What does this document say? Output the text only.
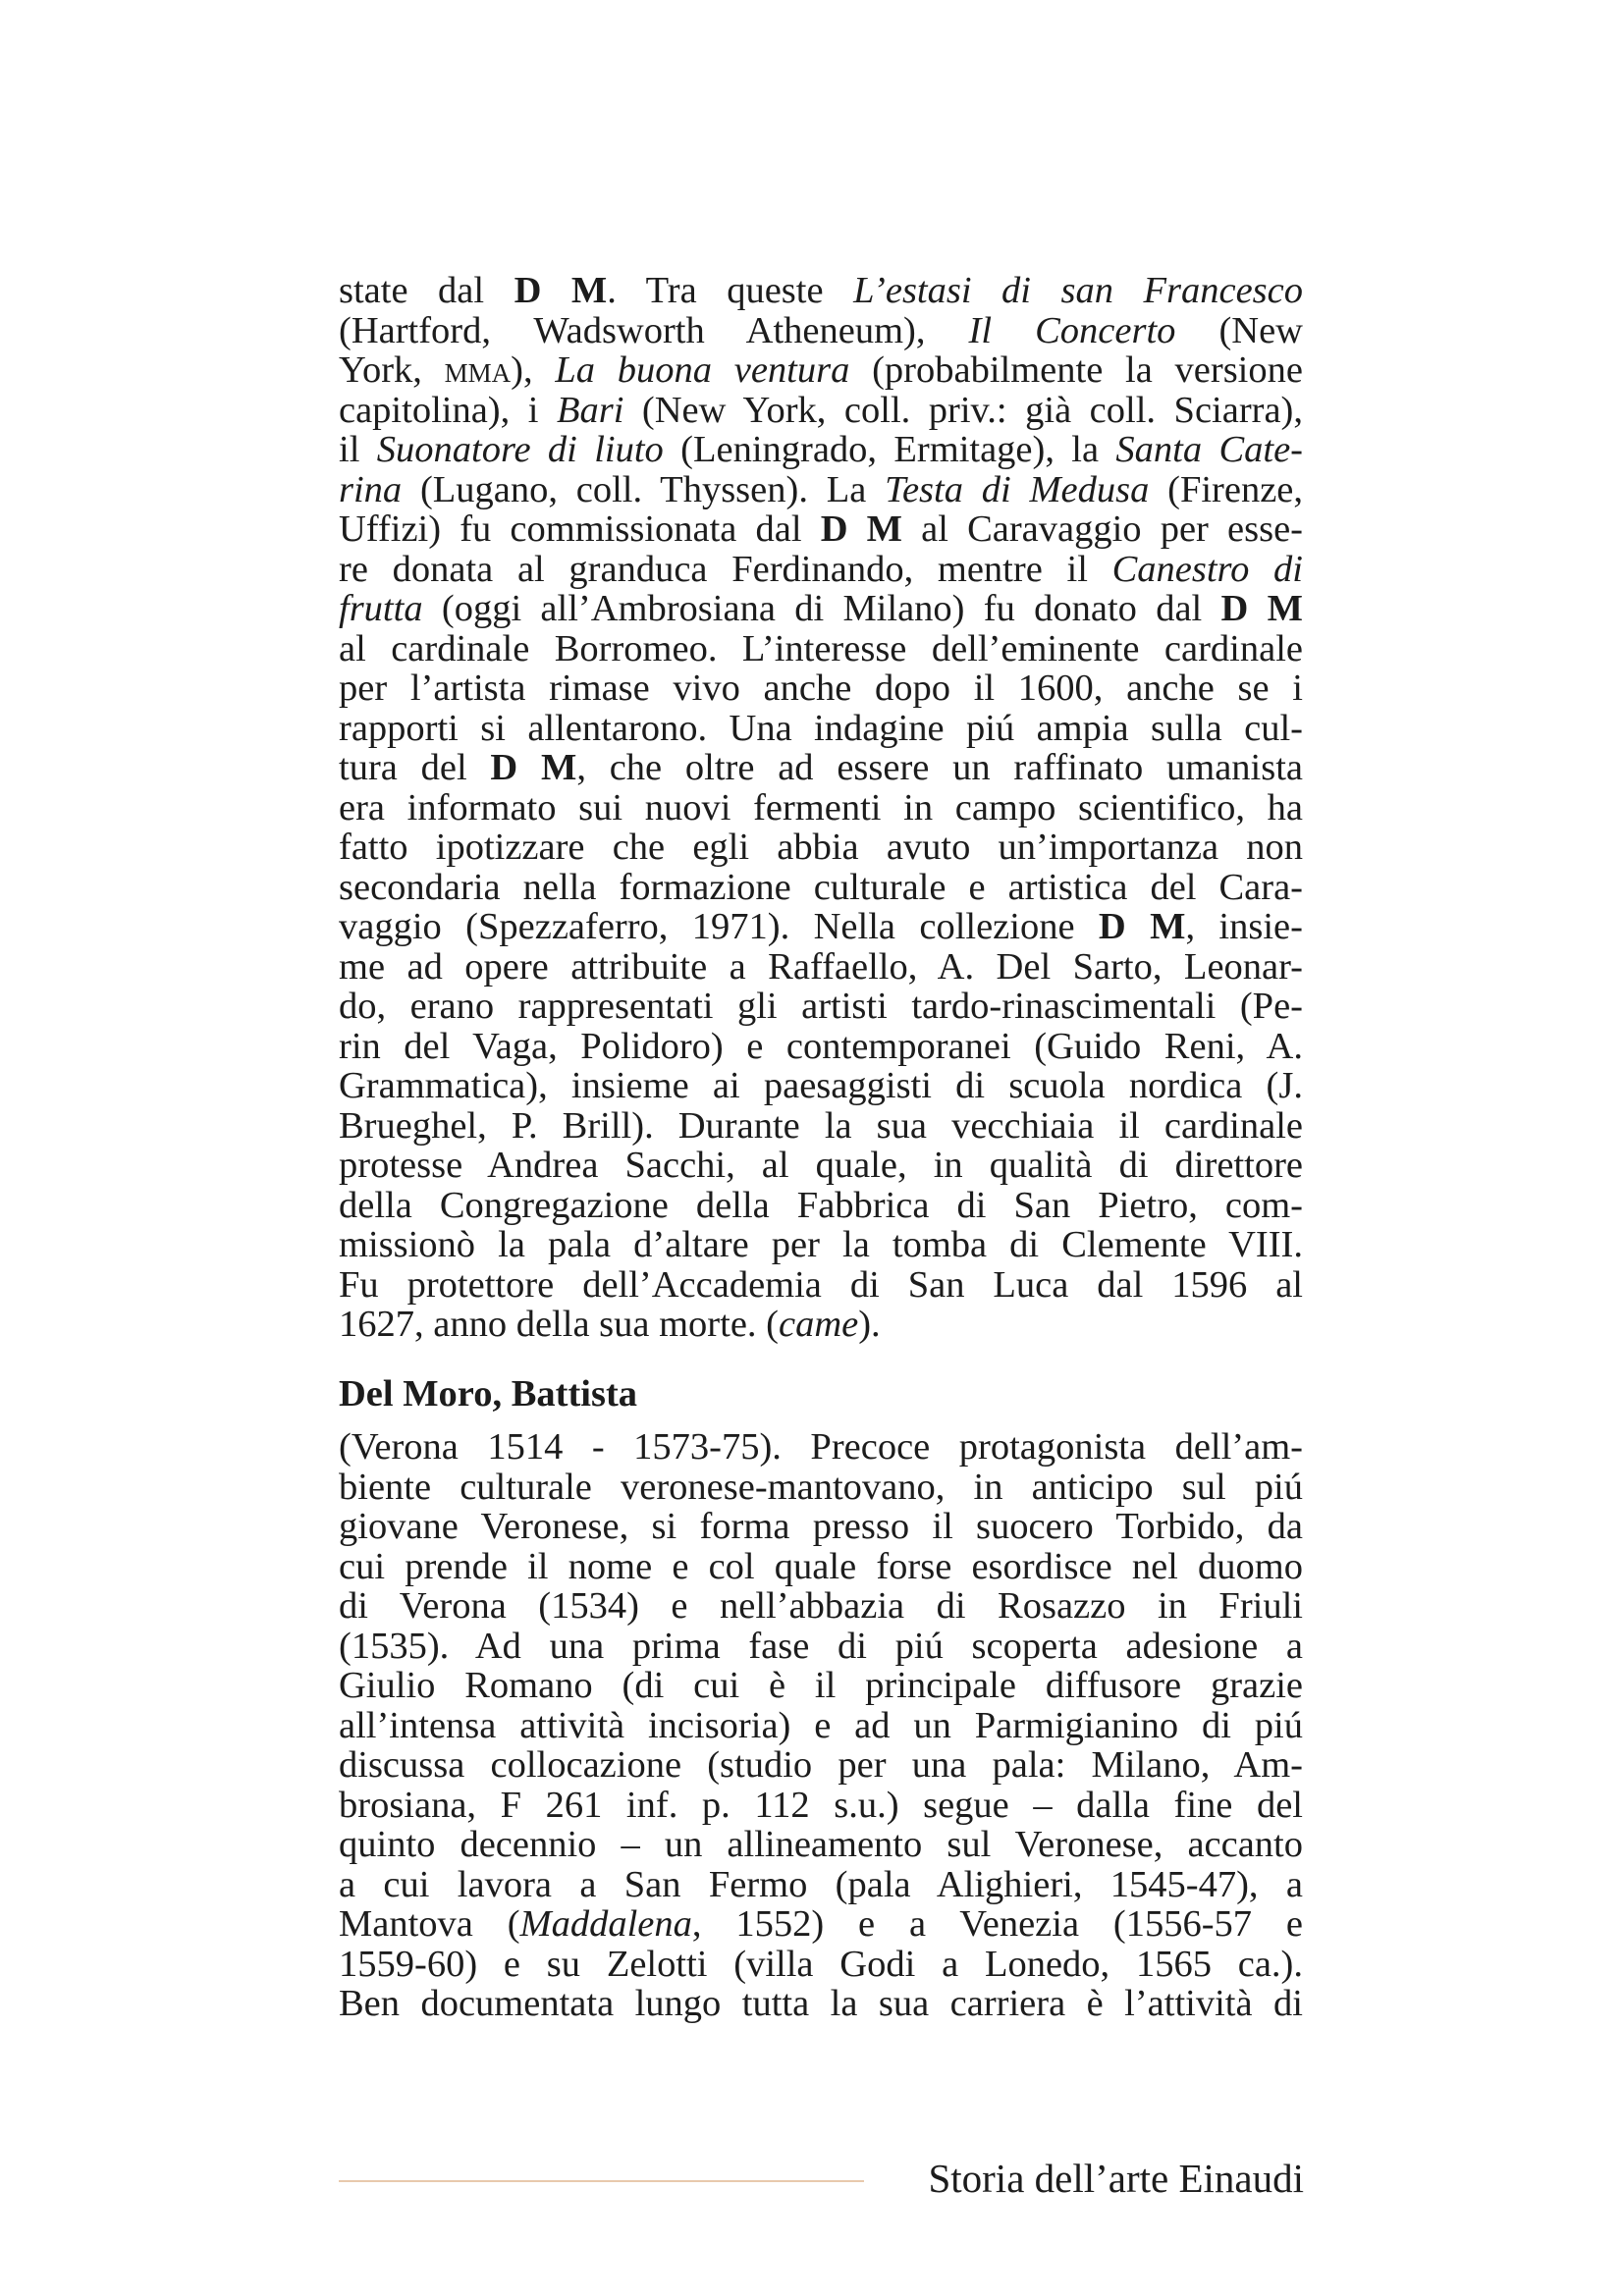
state dal D M. Tra queste L’estasi di san Francesco
(Hartford, Wadsworth Atheneum), Il Concerto (New
York, mma), La buona ventura (probabilmente la versione
capitolina), i Bari (New York, coll. priv.: già coll. Sciarra),
il Suonatore di liuto (Leningrado, Ermitage), la Santa Cate-
rina (Lugano, coll. Thyssen). La Testa di Medusa (Firenze,
Uffizi) fu commissionata dal D M al Caravaggio per esse-
re donata al granduca Ferdinando, mentre il Canestro di
frutta (oggi all’Ambrosiana di Milano) fu donato dal D M
al cardinale Borromeo. L’interesse dell’eminente cardinale
per l’artista rimase vivo anche dopo il 1600, anche se i
rapporti si allentarono. Una indagine piú ampia sulla cul-
tura del D M, che oltre ad essere un raffinato umanista
era informato sui nuovi fermenti in campo scientifico, ha
fatto ipotizzare che egli abbia avuto un’importanza non
secondaria nella formazione culturale e artistica del Cara-
vaggio (Spezzaferro, 1971). Nella collezione D M, insie-
me ad opere attribuite a Raffaello, A. Del Sarto, Leonar-
do, erano rappresentati gli artisti tardo-rinascimentali (Pe-
rin del Vaga, Polidoro) e contemporanei (Guido Reni, A.
Grammatica), insieme ai paesaggisti di scuola nordica (J.
Brueghel, P. Brill). Durante la sua vecchiaia il cardinale
protesse Andrea Sacchi, al quale, in qualità di direttore
della Congregazione della Fabbrica di San Pietro, com-
missionò la pala d’altare per la tomba di Clemente VIII.
Fu protettore dell’Accademia di San Luca dal 1596 al
1627, anno della sua morte. (came).
Del Moro, Battista
(Verona 1514 - 1573-75). Precoce protagonista dell’am-
biente culturale veronese-mantovano, in anticipo sul piú
giovane Veronese, si forma presso il suocero Torbido, da
cui prende il nome e col quale forse esordisce nel duomo
di Verona (1534) e nell’abbazia di Rosazzo in Friuli
(1535). Ad una prima fase di piú scoperta adesione a
Giulio Romano (di cui è il principale diffusore grazie
all’intensa attività incisoria) e ad un Parmigianino di piú
discussa collocazione (studio per una pala: Milano, Am-
brosiana, F 261 inf. p. 112 s.u.) segue – dalla fine del
quinto decennio – un allineamento sul Veronese, accanto
a cui lavora a San Fermo (pala Alighieri, 1545-47), a
Mantova (Maddalena, 1552) e a Venezia (1556-57 e
1559-60) e su Zelotti (villa Godi a Lonedo, 1565 ca.).
Ben documentata lungo tutta la sua carriera è l’attività di
Storia dell’arte Einaudi
